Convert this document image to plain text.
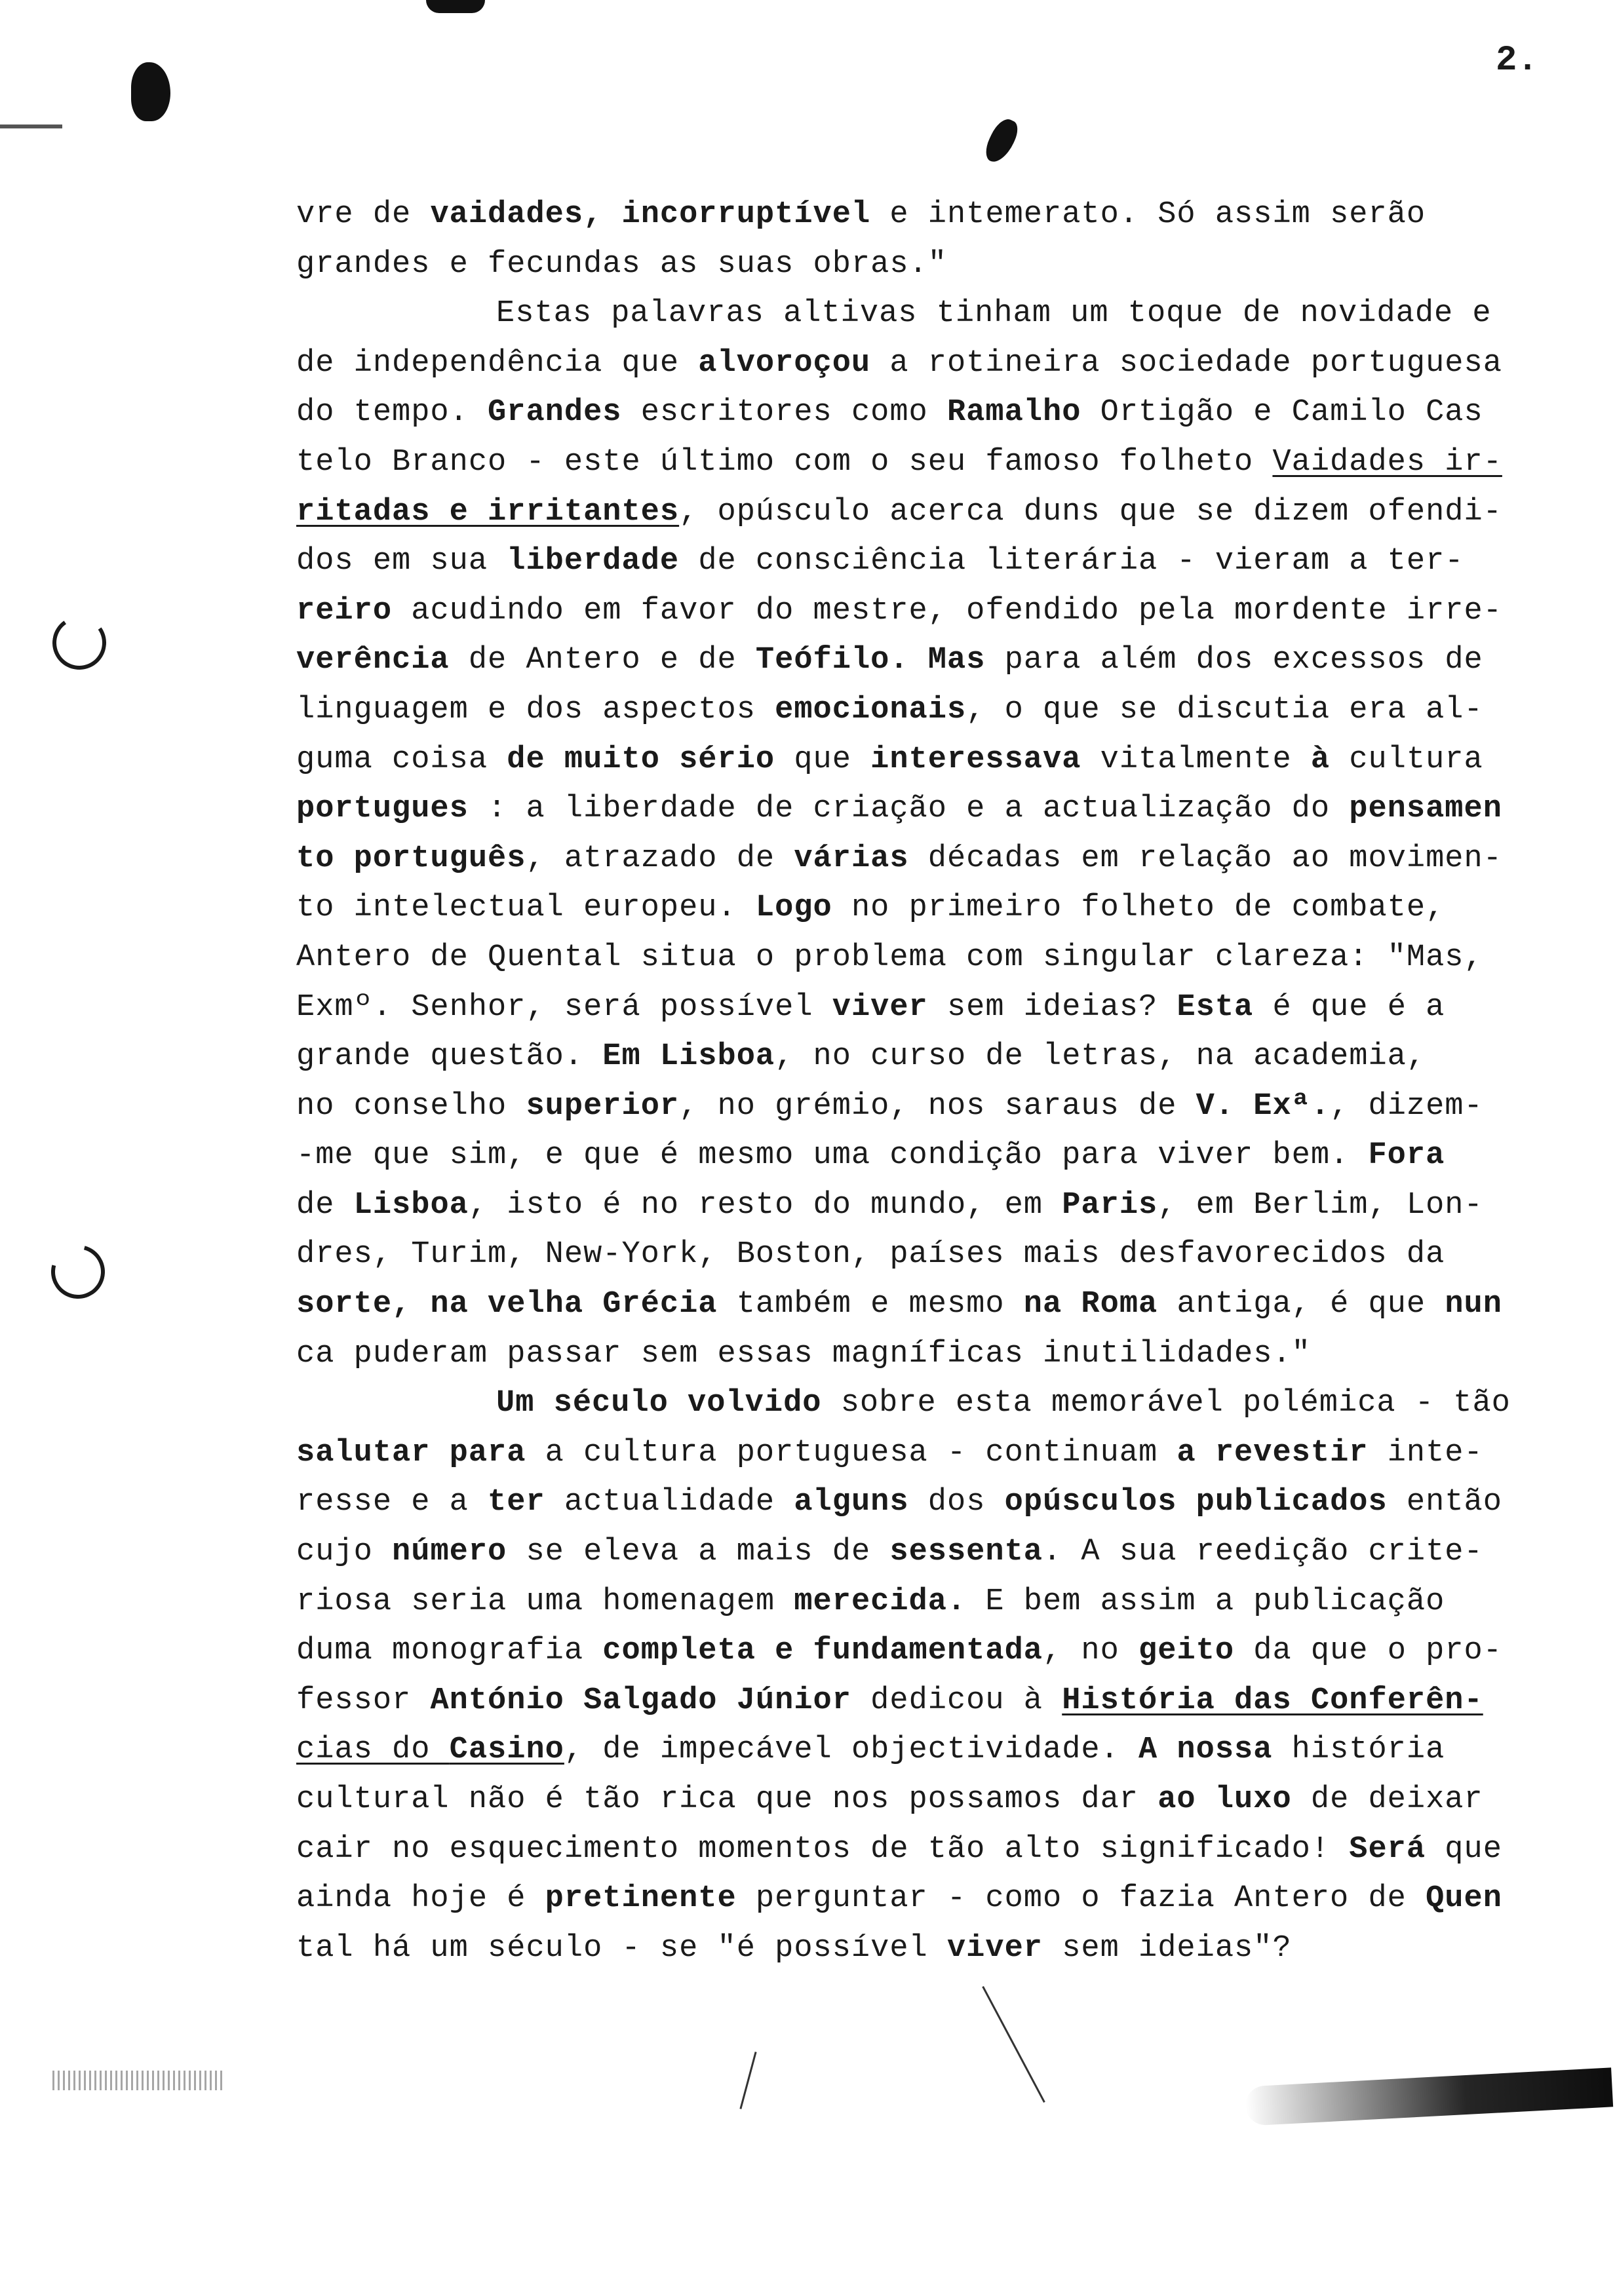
2.
vre de vaidades, incorruptível e intemerato. Só assim serão
grandes e fecundas as suas obras."
Estas palavras altivas tinham um toque de novidade e
de independência que alvoroçou a rotineira sociedade portuguesa
do tempo. Grandes escritores como Ramalho Ortigão e Camilo Cas
telo Branco - este último com o seu famoso folheto Vaidades ir-
ritadas e irritantes, opúsculo acerca duns que se dizem ofendi-
dos em sua liberdade de consciência literária - vieram a ter-
reiro acudindo em favor do mestre, ofendido pela mordente irre-
verência de Antero e de Teófilo. Mas para além dos excessos de
linguagem e dos aspectos emocionais, o que se discutia era al-
guma coisa de muito sério que interessava vitalmente à cultura
portugues : a liberdade de criação e a actualização do pensamen
to português, atrazado de várias décadas em relação ao movimen-
to intelectual europeu. Logo no primeiro folheto de combate,
Antero de Quental situa o problema com singular clareza: "Mas,
Exmº. Senhor, será possível viver sem ideias? Esta é que é a
grande questão. Em Lisboa, no curso de letras, na academia,
no conselho superior, no grémio, nos saraus de V. Exª., dizem-
-me que sim, e que é mesmo uma condição para viver bem. Fora
de Lisboa, isto é no resto do mundo, em Paris, em Berlim, Lon-
dres, Turim, New-York, Boston, países mais desfavorecidos da
sorte, na velha Grécia também e mesmo na Roma antiga, é que nun
ca puderam passar sem essas magníficas inutilidades."
Um século volvido sobre esta memorável polémica - tão
salutar para a cultura portuguesa - continuam a revestir inte-
resse e a ter actualidade alguns dos opúsculos publicados então
cujo número se eleva a mais de sessenta. A sua reedição crite-
riosa seria uma homenagem merecida. E bem assim a publicação
duma monografia completa e fundamentada, no geito da que o pro-
fessor António Salgado Júnior dedicou à História das Conferên-
cias do Casino, de impecável objectividade. A nossa história
cultural não é tão rica que nos possamos dar ao luxo de deixar
cair no esquecimento momentos de tão alto significado! Será que
ainda hoje é pretinente perguntar - como o fazia Antero de Quen
tal há um século - se "é possível viver sem ideias"?
